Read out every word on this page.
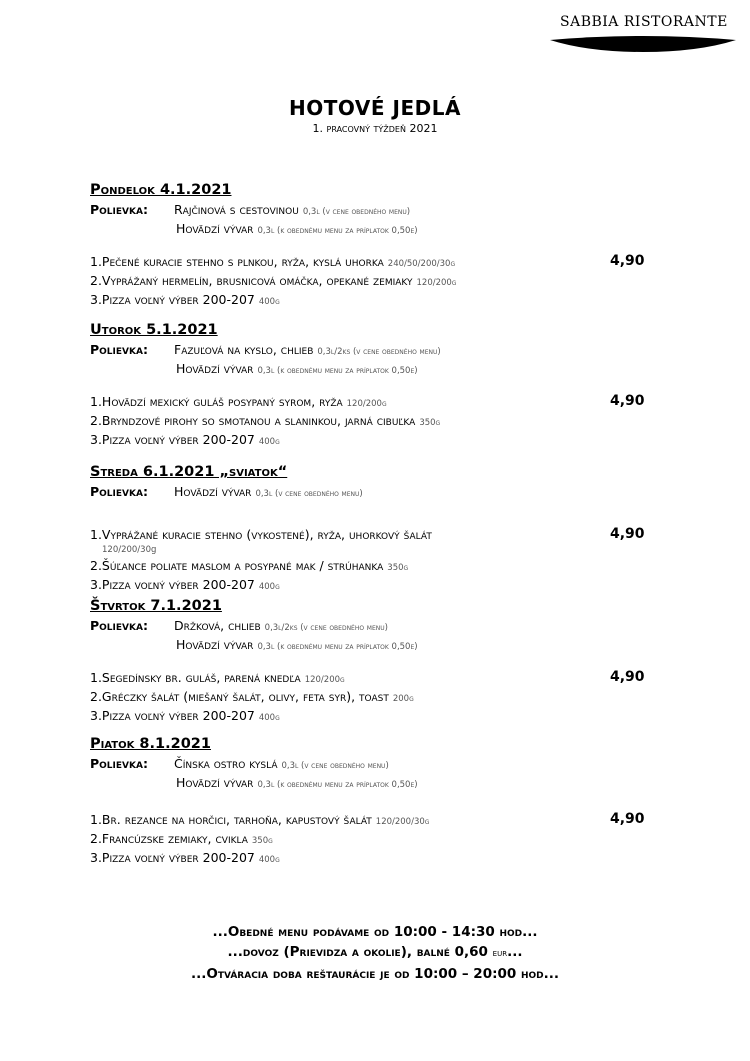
SABBIA RISTORANTE
HOTOVÉ JEDLÁ
1. pracovný týždeň 2021
Pondelok 4.1.2021
Polievka: Rajčinová s cestovinou 0,3l (v cene obedného menu)
Hovädzí vývar 0,3l (k obednému menu za príplatok 0,50e)
1.Pečené kuracie stehno s plnkou, ryža, kyslá uhorka 240/50/200/30g	4,90
2.Vyprážaný hermelín, brusnicová omáčka, opekané zemiaky 120/200g
3.Pizza voľný výber 200-207 400g
Utorok 5.1.2021
Polievka: Fazuľová na kyslo, chlieb 0,3l/2ks (v cene obedného menu)
Hovädzí vývar 0,3l (k obednému menu za príplatok 0,50e)
1.Hovädzí mexický guláš posypaný syrom, ryža 120/200g	4,90
2.Bryndzové pirohy so smotanou a slaninkou, jarná cibuľka 350g
3.Pizza voľný výber 200-207 400g
Streda 6.1.2021 „sviatok“
Polievka: Hovädzí vývar 0,3l (v cene obedného menu)
1.Vyprážané kuracie stehno (vykostené), ryža, uhorkový šalát	4,90
120/200/30g
2.Šúľance poliate maslom a posypané mak / strúhanka 350g
3.Pizza voľný výber 200-207 400g
Štvrtok 7.1.2021
Polievka: Držková, chlieb 0,3l/2ks (v cene obedného menu)
Hovädzí vývar 0,3l (k obednému menu za príplatok 0,50e)
1.Segedínsky br. guláš, parená knedľa 120/200g	4,90
2.Gréczky šalát (miešaný šalát, olivy, feta syr), toast 200g
3.Pizza voľný výber 200-207 400g
Piatok 8.1.2021
Polievka: Čínska ostro kyslá 0,3l (v cene obedného menu)
Hovädzí vývar 0,3l (k obednému menu za príplatok 0,50e)
1.Br. rezance na horčici, tarhoňa, kapustový šalát 120/200/30g	4,90
2.Francúzske zemiaky, cvikla 350g
3.Pizza voľný výber 200-207 400g
...Obedné menu podávame od 10:00 - 14:30 hod...
...dovoz (Prievidza a okolie), balné 0,60 eur...
...Otváracia doba reštaurácie je od 10:00 – 20:00 hod...
